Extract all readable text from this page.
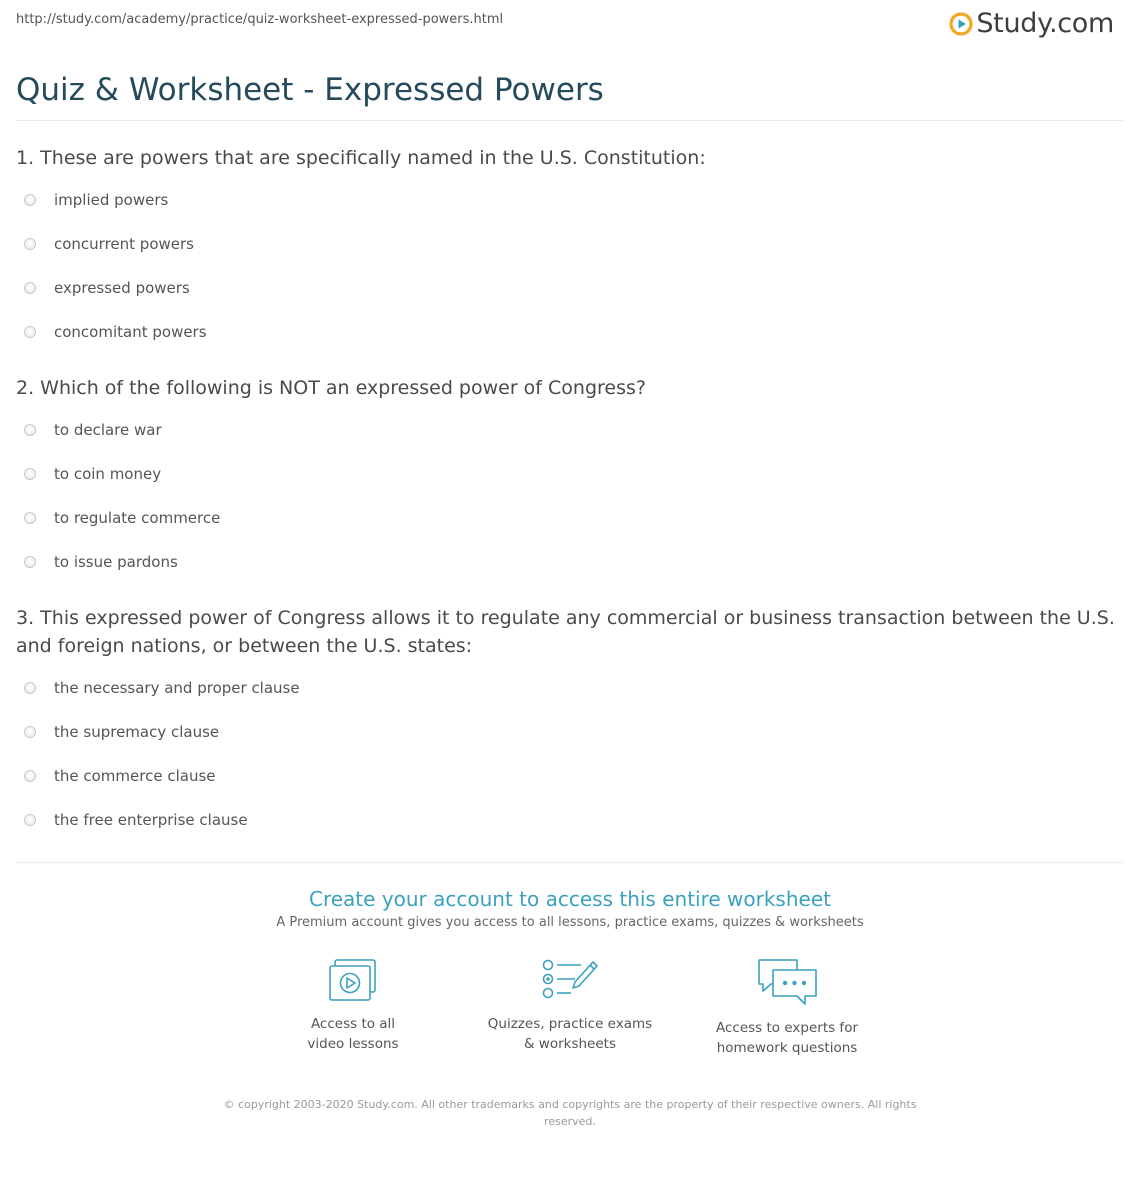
http://study.com/academy/practice/quiz-worksheet-expressed-powers.html	Study.com
Quiz & Worksheet - Expressed Powers
1. These are powers that are specifically named in the U.S. Constitution:
implied powers
concurrent powers
expressed powers
concomitant powers
2. Which of the following is NOT an expressed power of Congress?
to declare war
to coin money
to regulate commerce
to issue pardons
3. This expressed power of Congress allows it to regulate any commercial or business transaction between the U.S. and foreign nations, or between the U.S. states:
the necessary and proper clause
the supremacy clause
the commerce clause
the free enterprise clause
Create your account to access this entire worksheet
A Premium account gives you access to all lessons, practice exams, quizzes & worksheets
Access to all
video lessons
Quizzes, practice exams
& worksheets
Access to experts for
homework questions
© copyright 2003-2020 Study.com. All other trademarks and copyrights are the property of their respective owners. All rights reserved.
